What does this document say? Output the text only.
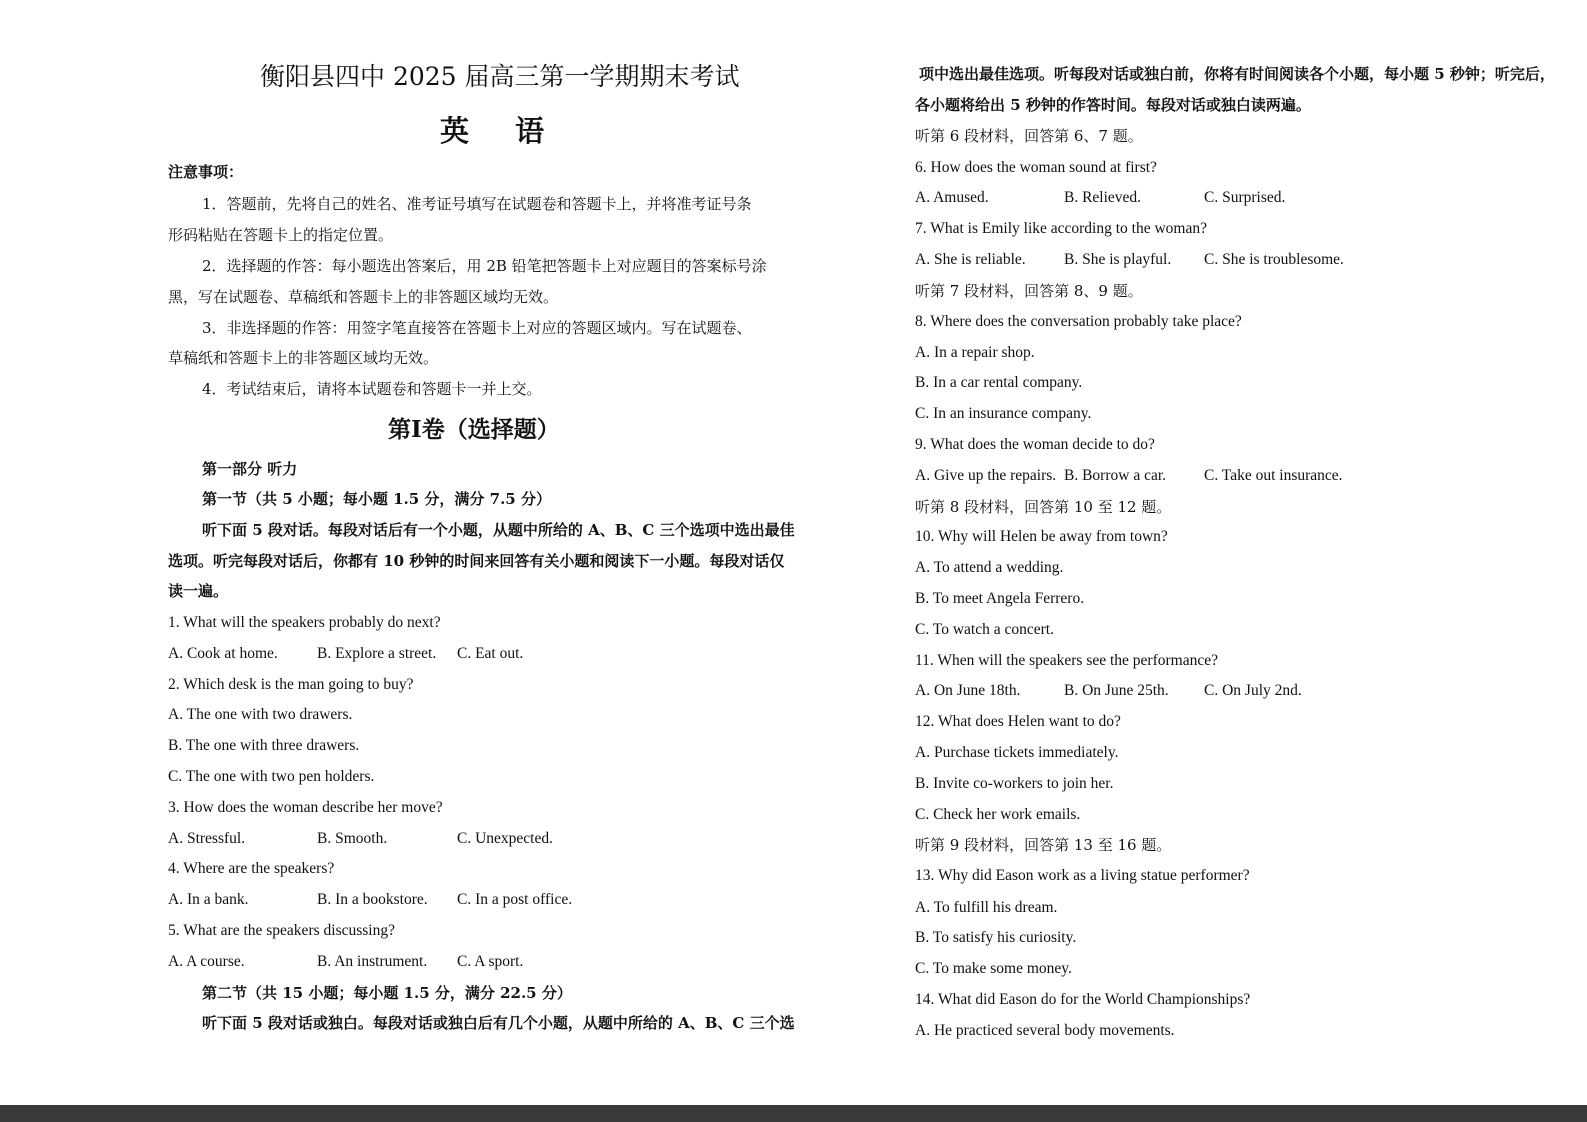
衡阳县四中 2025 届高三第一学期期末考试
英 语
注意事项：
1．答题前，先将自己的姓名、准考证号填写在试题卷和答题卡上，并将准考证号条
形码粘贴在答题卡上的指定位置。
2．选择题的作答：每小题选出答案后，用 2B 铅笔把答题卡上对应题目的答案标号涂
黑，写在试题卷、草稿纸和答题卡上的非答题区域均无效。
3．非选择题的作答：用签字笔直接答在答题卡上对应的答题区域内。写在试题卷、
草稿纸和答题卡上的非答题区域均无效。
4．考试结束后，请将本试题卷和答题卡一并上交。
第Ⅰ卷（选择题）
第一部分 听力
第一节（共 5 小题；每小题 1.5 分，满分 7.5 分）
听下面 5 段对话。每段对话后有一个小题，从题中所给的 A、B、C 三个选项中选出最佳
选项。听完每段对话后，你都有 10 秒钟的时间来回答有关小题和阅读下一小题。每段对话仅
读一遍。
1. What will the speakers probably do next?
A. Cook at home.	B. Explore a street. C. Eat out.
2. Which desk is the man going to buy?
A. The one with two drawers.
B. The one with three drawers.
C. The one with two pen holders.
3. How does the woman describe her move?
A. Stressful.	B. Smooth.	C. Unexpected.
4. Where are the speakers?
A. In a bank.	B. In a bookstore. C. In a post office.
5. What are the speakers discussing?
A. A course.	B. An instrument. C. A sport.
第二节（共 15 小题；每小题 1.5 分，满分 22.5 分）
听下面 5 段对话或独白。每段对话或独白后有几个小题，从题中所给的 A、B、C 三个选
项中选出最佳选项。听每段对话或独白前，你将有时间阅读各个小题，每小题 5 秒钟；听完后，
各小题将给出 5 秒钟的作答时间。每段对话或独白读两遍。
听第 6 段材料，回答第 6、7 题。
6. How does the woman sound at first?
A. Amused.	B. Relieved.	C. Surprised.
7. What is Emily like according to the woman?
A. She is reliable. B. She is playful. C. She is troublesome.
听第 7 段材料，回答第 8、9 题。
8. Where does the conversation probably take place?
A. In a repair shop.
B. In a car rental company.
C. In an insurance company.
9. What does the woman decide to do?
A. Give up the repairs. B. Borrow a car. C. Take out insurance.
听第 8 段材料，回答第 10 至 12 题。
10. Why will Helen be away from town?
A. To attend a wedding.
B. To meet Angela Ferrero.
C. To watch a concert.
11. When will the speakers see the performance?
A. On June 18th.	B. On June 25th. C. On July 2nd.
12. What does Helen want to do?
A. Purchase tickets immediately.
B. Invite co-workers to join her.
C. Check her work emails.
听第 9 段材料，回答第 13 至 16 题。
13. Why did Eason work as a living statue performer?
A. To fulfill his dream.
B. To satisfy his curiosity.
C. To make some money.
14. What did Eason do for the World Championships?
A. He practiced several body movements.
